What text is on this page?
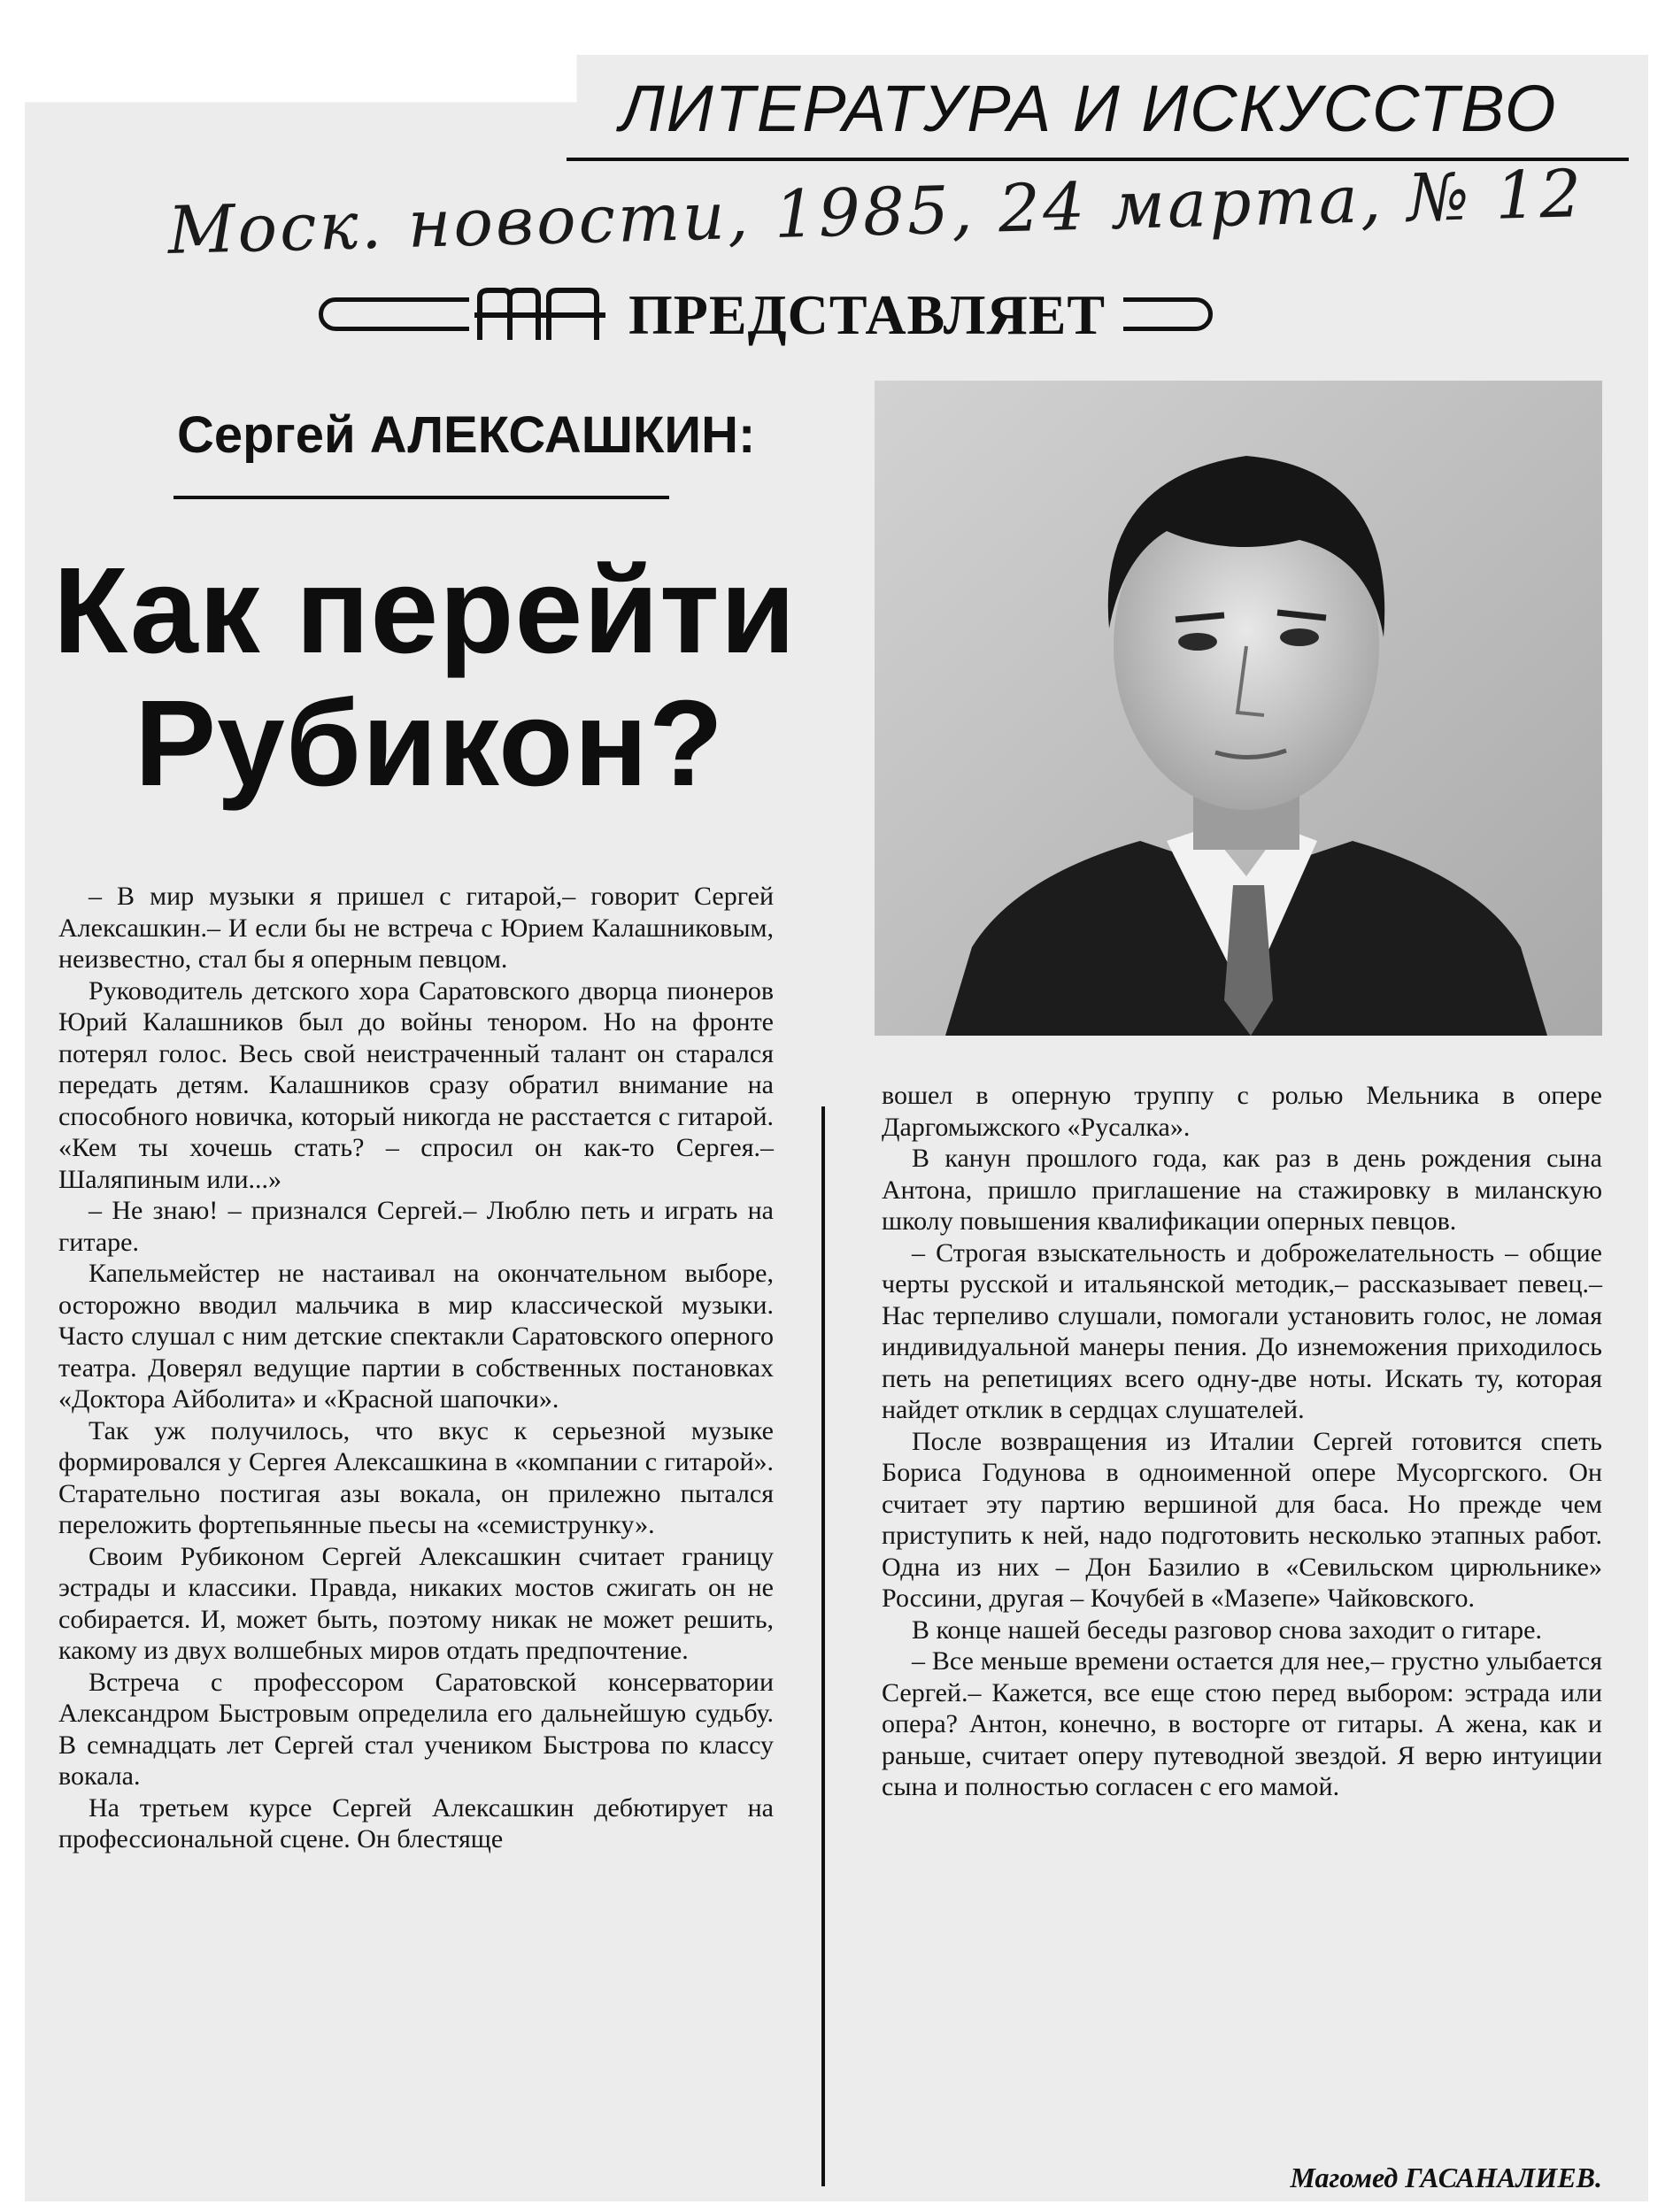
ЛИТЕРАТУРА И ИСКУССТВО
Моск. новости, 1985, 24 марта, № 12
ПРЕДСТАВЛЯЕТ
Сергей АЛЕКСАШКИН:
Как перейти
Рубикон?

– В мир музыки я пришел с гитарой,– говорит Сергей Алексашкин.– И если бы не встреча с Юрием Калашниковым, неизвестно, стал бы я оперным певцом.

Руководитель детского хора Саратовского дворца пионеров Юрий Калашников был до войны тенором. Но на фронте потерял голос. Весь свой неистраченный талант он старался передать детям. Калашников сразу обратил внимание на способного новичка, который никогда не расстается с гитарой. «Кем ты хочешь стать? – спросил он как-то Сергея.– Шаляпиным или...»

– Не знаю! – признался Сергей.– Люблю петь и играть на гитаре.

Капельмейстер не настаивал на окончательном выборе, осторожно вводил мальчика в мир классической музыки. Часто слушал с ним детские спектакли Саратовского оперного театра. Доверял ведущие партии в собственных постановках «Доктора Айболита» и «Красной шапочки».

Так уж получилось, что вкус к серьезной музыке формировался у Сергея Алексашкина в «компании с гитарой». Старательно постигая азы вокала, он прилежно пытался переложить фортепьянные пьесы на «семиструнку».

Своим Рубиконом Сергей Алексашкин считает границу эстрады и классики. Правда, никаких мостов сжигать он не собирается. И, может быть, поэтому никак не может решить, какому из двух волшебных миров отдать предпочтение.

Встреча с профессором Саратовской консерватории Александром Быстровым определила его дальнейшую судьбу. В семнадцать лет Сергей стал учеником Быстрова по классу вокала.

На третьем курсе Сергей Алексашкин дебютирует на профессиональной сцене. Он блестяще

вошел в оперную труппу с ролью Мельника в опере Даргомыжского «Русалка».

В канун прошлого года, как раз в день рождения сына Антона, пришло приглашение на стажировку в миланскую школу повышения квалификации оперных певцов.

– Строгая взыскательность и доброжелательность – общие черты русской и итальянской методик,– рассказывает певец.– Нас терпеливо слушали, помогали установить голос, не ломая индивидуальной манеры пения. До изнеможения приходилось петь на репетициях всего одну-две ноты. Искать ту, которая найдет отклик в сердцах слушателей.

После возвращения из Италии Сергей готовится спеть Бориса Годунова в одноименной опере Мусоргского. Он считает эту партию вершиной для баса. Но прежде чем приступить к ней, надо подготовить несколько этапных работ. Одна из них – Дон Базилио в «Севильском цирюльнике» Россини, другая – Кочубей в «Мазепе» Чайковского.

В конце нашей беседы разговор снова заходит о гитаре.

– Все меньше времени остается для нее,– грустно улыбается Сергей.– Кажется, все еще стою перед выбором: эстрада или опера? Антон, конечно, в восторге от гитары. А жена, как и раньше, считает оперу путеводной звездой. Я верю интуиции сына и полностью согласен с его мамой.

Магомед ГАСАНАЛИЕВ.
